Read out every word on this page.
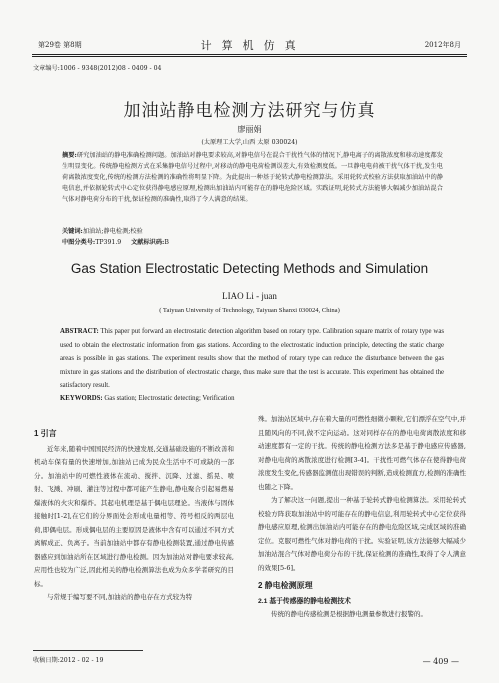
第29卷 第8期	计算机仿真	2012年8月
文章编号:1006 - 9348(2012)08 - 0409 - 04
加油站静电检测方法研究与仿真
廖丽娟
(太原理工大学,山西 太原 030024)
摘要:研究加油站的静电准确检测问题。加油站对静电要求较高,对静电信号在混合干扰性气体的情况下,静电离子的离散浓度和移动速度都发生明显变化。传统静电检测方式在采集静电信号过程中,对移动的静电电荷检测误差大,有效检测度低。一旦静电电荷被干扰气体干扰,发生电荷离散浓度变化,传统的检测方法检测的准确性将明显下降。为此提出一种基于轮转式静电检测算法。采用轮转式校验方法获取加油站中的静电信息,并依据轮转式中心定位获得静电感应原理,检测出加油站内可能存在的静电危险区域。实践证明,轮转式方法能够大幅减少加油站混合气体对静电荷分布的干扰,保证检测的准确性,取得了令人满意的结果。
关键词:加油站;静电检测;校验
中图分类号:TP391.9 文献标识码:B
Gas Station Electrostatic Detecting Methods and Simulation
LIAO Li - juan
( Taiyuan University of Technology, Taiyuan Shanxi 030024, China)
ABSTRACT: This paper put forward an electrostatic detection algorithm based on rotary type. Calibration square matrix of rotary type was used to obtain the electrostatic information from gas stations. According to the electrostatic induction principle, detecting the static charge areas is possible in gas stations. The experiment results show that the method of rotary type can reduce the disturbance between the gas mixture in gas stations and the distribution of electrostatic charge, thus make sure that the test is accurate. This experiment has obtained the satisfactory result.
KEYWORDS: Gas station; Electrostatic detecting; Verification
1 引言

近年来,随着中国国民经济的快速发展,交通基础设施的不断改善和机动车保有量的快速增加,加油站已成为民众生活中不可或缺的一部分。加油站中的可燃性液体在流动、搅拌、沉降、过滤、摇晃、喷射、飞溅、冲刷、灌注等过程中都可能产生静电,静电聚合引起易燃易爆液体的火灾和爆炸。其起电机理是基于偶电层理论。当液体与固体接触时[1-2],在它们的分界面处会形成电量相等、符号相反的两层电荷,即偶电层。形成偶电层的主要原因是液体中含有可以通过不同方式离解成正、负离子。当前加油站中都存有静电检测装置,通过静电传感器感应到加油站所在区域进行静电检测。因为加油站对静电要求较高,应用性也较为广泛,因此相关的静电检测算法也成为众多学者研究的目标。

与常规于编写要不同,加油站的静电存在方式较为特

殊。加油站区域中,存在着大量的可燃性细微小颗粒,它们漂浮在空气中,并且随风向的不同,做不定向运动。这对同样存在的静电电荷离散浓度和移动速度都有一定的干扰。传统的静电检测方法多是基于静电感应传感器,对静电电荷的离散浓度进行检测[3-4]。干扰性可燃气体存在使得静电荷浓度发生变化,传感器监测值出现错误的判断,造成检测直方,检测的准确性也随之下降。

为了解决这一问题,提出一种基于轮转式静电检测算法。采用轮转式校验方阵获取加油站中的可能存在的静电信息,利用轮转式中心定位获得静电感应原理,检测出加油站内可能存在的静电危险区域,完成区域的准确定位。克服可燃性气体对静电荷的干扰。实验证明,该方法能够大幅减少加油站混合气体对静电荷分布的干扰,保证检测的准确性,取得了令人满意的效果[5-6]。

2 静电检测原理
2.1 基于传感器的静电检测技术

传统的静电传感检测是根据静电测量参数进行报警的。

收稿日期:2012 - 02 - 19	— 409 —
